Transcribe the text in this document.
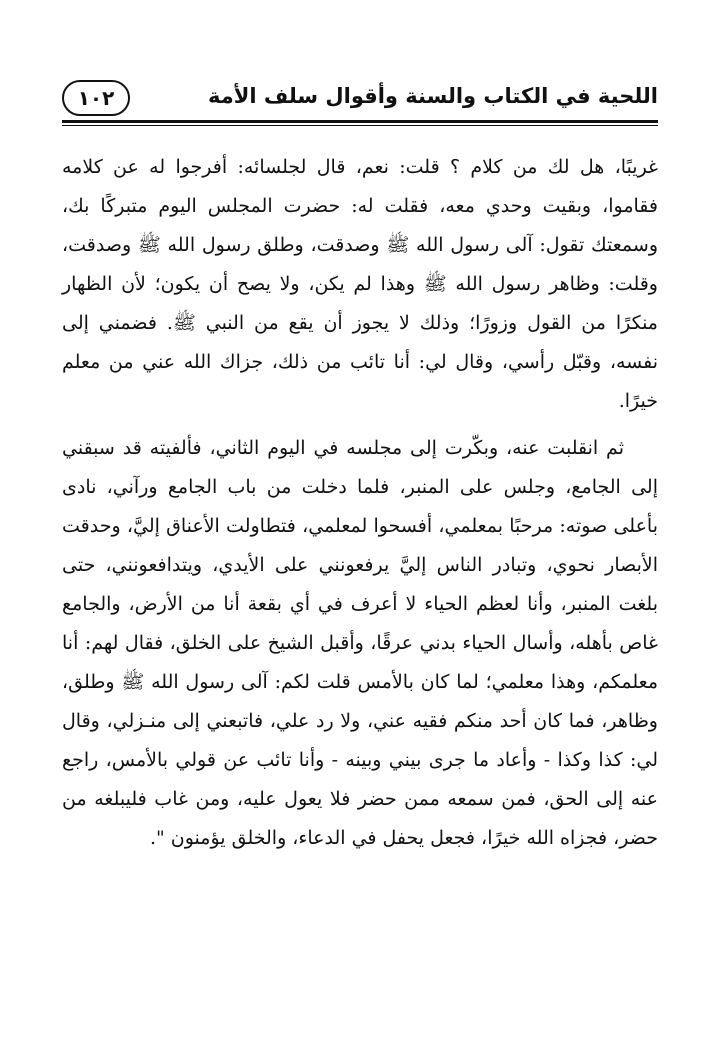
اللحية في الكتاب والسنة وأقوال سلف الأمة
١٠٢

غريبًا، هل لك من كلام ؟ قلت: نعم، قال لجلسائه: أفرجوا له عن كلامه فقاموا، وبقيت وحدي معه، فقلت له: حضرت المجلس اليوم متبركًا بك، وسمعتك تقول: آلى رسول الله ﷺ وصدقت، وطلق رسول الله ﷺ وصدقت، وقلت: وظاهر رسول الله ﷺ وهذا لم يكن، ولا يصح أن يكون؛ لأن الظهار منكرًا من القول وزورًا؛ وذلك لا يجوز أن يقع من النبي ﷺ. فضمني إلى نفسه، وقبّل رأسي، وقال لي: أنا تائب من ذلك، جزاك الله عني من معلم خيرًا.

ثم انقلبت عنه، وبكّرت إلى مجلسه في اليوم الثاني، فألفيته قد سبقني إلى الجامع، وجلس على المنبر، فلما دخلت من باب الجامع ورآني، نادى بأعلى صوته: مرحبًا بمعلمي، أفسحوا لمعلمي، فتطاولت الأعناق إليَّ، وحدقت الأبصار نحوي، وتبادر الناس إليَّ يرفعونني على الأيدي، ويتدافعونني، حتى بلغت المنبر، وأنا لعظم الحياء لا أعرف في أي بقعة أنا من الأرض، والجامع غاص بأهله، وأسال الحياء بدني عرقًا، وأقبل الشيخ على الخلق، فقال لهم: أنا معلمكم، وهذا معلمي؛ لما كان بالأمس قلت لكم: آلى رسول الله ﷺ وطلق، وظاهر، فما كان أحد منكم فقيه عني، ولا رد علي، فاتبعني إلى منـزلي، وقال لي: كذا وكذا - وأعاد ما جرى بيني وبينه - وأنا تائب عن قولي بالأمس، راجع عنه إلى الحق، فمن سمعه ممن حضر فلا يعول عليه، ومن غاب فليبلغه من حضر، فجزاه الله خيرًا، فجعل يحفل في الدعاء، والخلق يؤمنون ".
